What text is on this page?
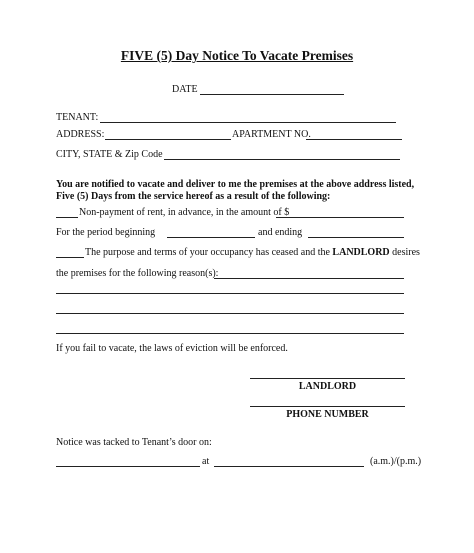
FIVE (5) Day Notice To Vacate Premises
DATE
TENANT:
ADDRESS:	APARTMENT NO.
CITY, STATE & Zip Code
You are notified to vacate and deliver to me the premises at the above address listed,
Five (5) Days from the service hereof as a result of the following:
Non-payment of rent, in advance, in the amount of $
For the period beginning	and ending
The purpose and terms of your occupancy has ceased and the LANDLORD desires
the premises for the following reason(s):
If you fail to vacate, the laws of eviction will be enforced.
LANDLORD
PHONE NUMBER
Notice was tacked to Tenant’s door on:
at	(a.m.)/(p.m.)
